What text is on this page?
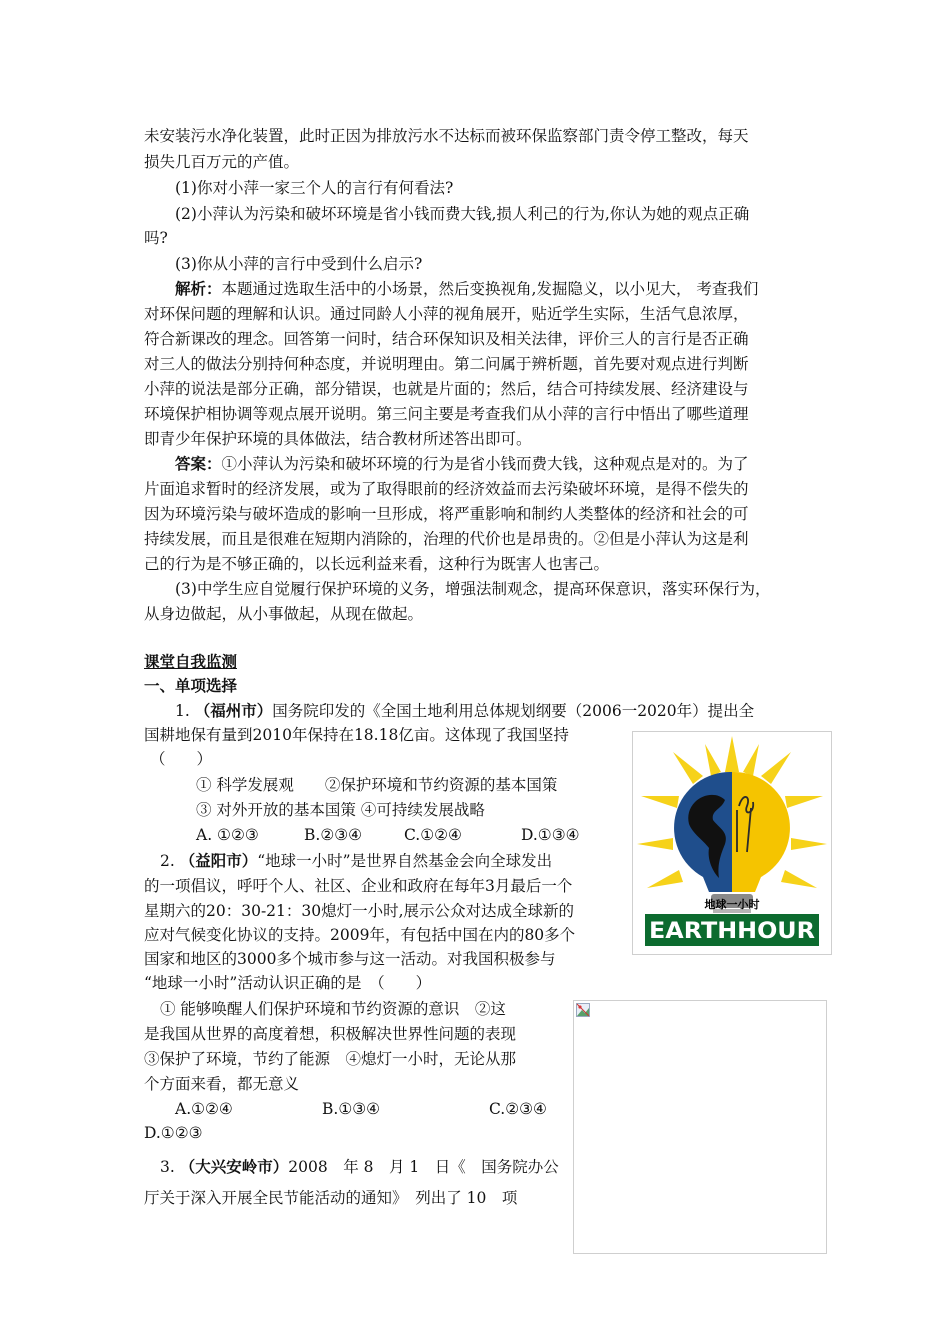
未安装污水净化装置，此时正因为排放污水不达标而被环保监察部门责令停工整改，每天
损失几百万元的产值。
(1)你对小萍一家三个人的言行有何看法?
(2)小萍认为污染和破坏环境是省小钱而费大钱,损人利己的行为,你认为她的观点正确
吗?
(3)你从小萍的言行中受到什么启示?
解析：本题通过选取生活中的小场景，然后变换视角,发掘隐义，以小见大， 考查我们
对环保问题的理解和认识。通过同龄人小萍的视角展开，贴近学生实际，生活气息浓厚，
符合新课改的理念。回答第一问时，结合环保知识及相关法律，评价三人的言行是否正确
对三人的做法分别持何种态度，并说明理由。第二问属于辨析题，首先要对观点进行判断
小萍的说法是部分正确，部分错误，也就是片面的；然后，结合可持续发展、经济建设与
环境保护相协调等观点展开说明。第三问主要是考查我们从小萍的言行中悟出了哪些道理
即青少年保护环境的具体做法，结合教材所述答出即可。
答案：①小萍认为污染和破坏环境的行为是省小钱而费大钱，这种观点是对的。为了
片面追求暂时的经济发展，或为了取得眼前的经济效益而去污染破坏环境，是得不偿失的
因为环境污染与破坏造成的影响一旦形成，将严重影响和制约人类整体的经济和社会的可
持续发展，而且是很难在短期内消除的，治理的代价也是昂贵的。②但是小萍认为这是利
己的行为是不够正确的，以长远利益来看，这种行为既害人也害己。
(3)中学生应自觉履行保护环境的义务，增强法制观念，提高环保意识，落实环保行为，
从身边做起，从小事做起，从现在做起。
课堂自我监测
一、单项选择
1. （福州市）国务院印发的《全国土地利用总体规划纲要（2006一2020年）提出全
国耕地保有量到2010年保持在18.18亿亩。这体现了我国坚持
（　　）
① 科学发展观　　②保护环境和节约资源的基本国策
③ 对外开放的基本国策 ④可持续发展战略
A. ①②③	B.②③④	C.①②④	D.①③④
2. （益阳市）“地球一小时”是世界自然基金会向全球发出
的一项倡议，呼吁个人、社区、企业和政府在每年3月最后一个
星期六的20：30-21：30熄灯一小时,展示公众对达成全球新的
应对气候变化协议的支持。2009年，有包括中国在内的80多个
国家和地区的3000多个城市参与这一活动。对我国积极参与
“地球一小时”活动认识正确的是　（　　）
① 能够唤醒人们保护环境和节约资源的意识　②这
是我国从世界的高度着想，积极解决世界性问题的表现
③保护了环境，节约了能源　④熄灯一小时，无论从那
个方面来看，都无意义
A.①②④	B.①③④	C.②③④
D.①②③
3. （大兴安岭市）2008　年 8　月 1　日《　国务院办公
厅关于深入开展全民节能活动的通知》　列出了 10　项
地球一小时
EARTHHOUR
